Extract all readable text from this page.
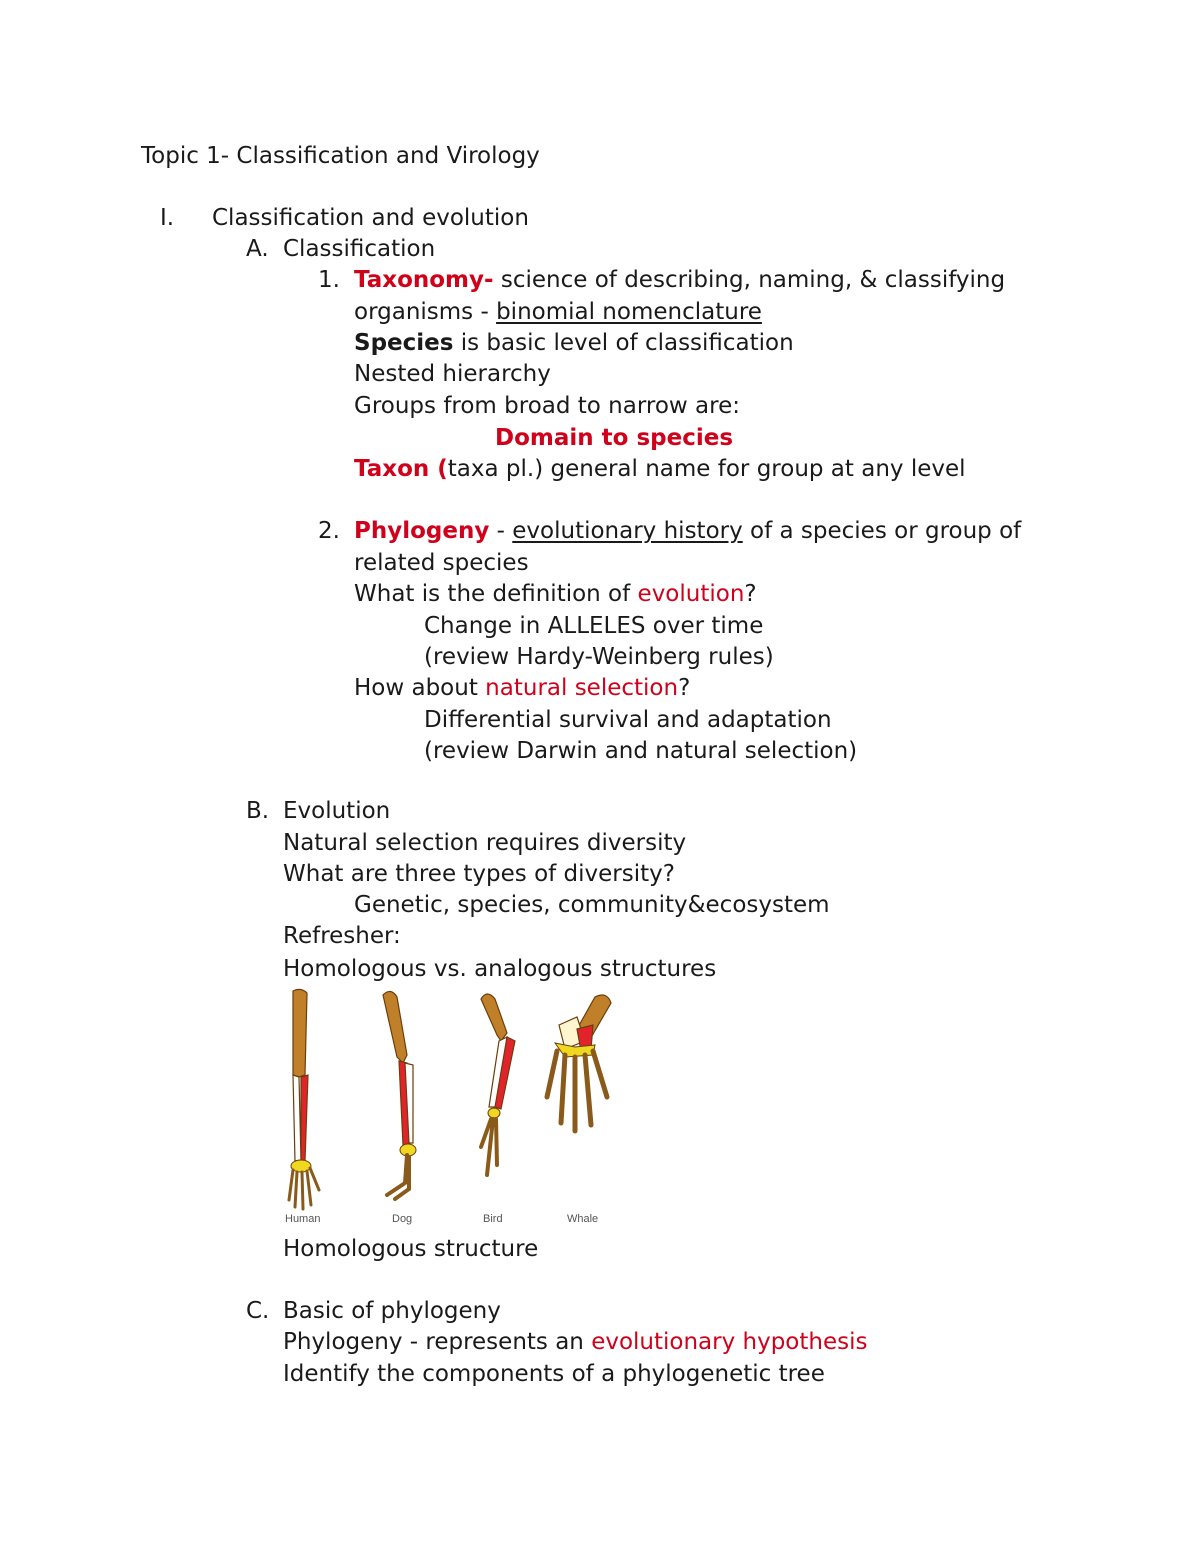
Topic 1- Classification and Virology
I. Classification and evolution
A. Classification
1. Taxonomy- science of describing, naming, & classifying
organisms - binomial nomenclature
Species is basic level of classification
Nested hierarchy
Groups from broad to narrow are:
Domain to species
Taxon (taxa pl.) general name for group at any level
2. Phylogeny - evolutionary history of a species or group of
related species
What is the definition of evolution?
Change in ALLELES over time
(review Hardy-Weinberg rules)
How about natural selection?
Differential survival and adaptation
(review Darwin and natural selection)
B. Evolution
Natural selection requires diversity
What are three types of diversity?
Genetic, species, community&ecosystem
Refresher:
Homologous vs. analogous structures
Human	Dog	Bird	Whale
Homologous structure
C. Basic of phylogeny
Phylogeny - represents an evolutionary hypothesis
Identify the components of a phylogenetic tree
